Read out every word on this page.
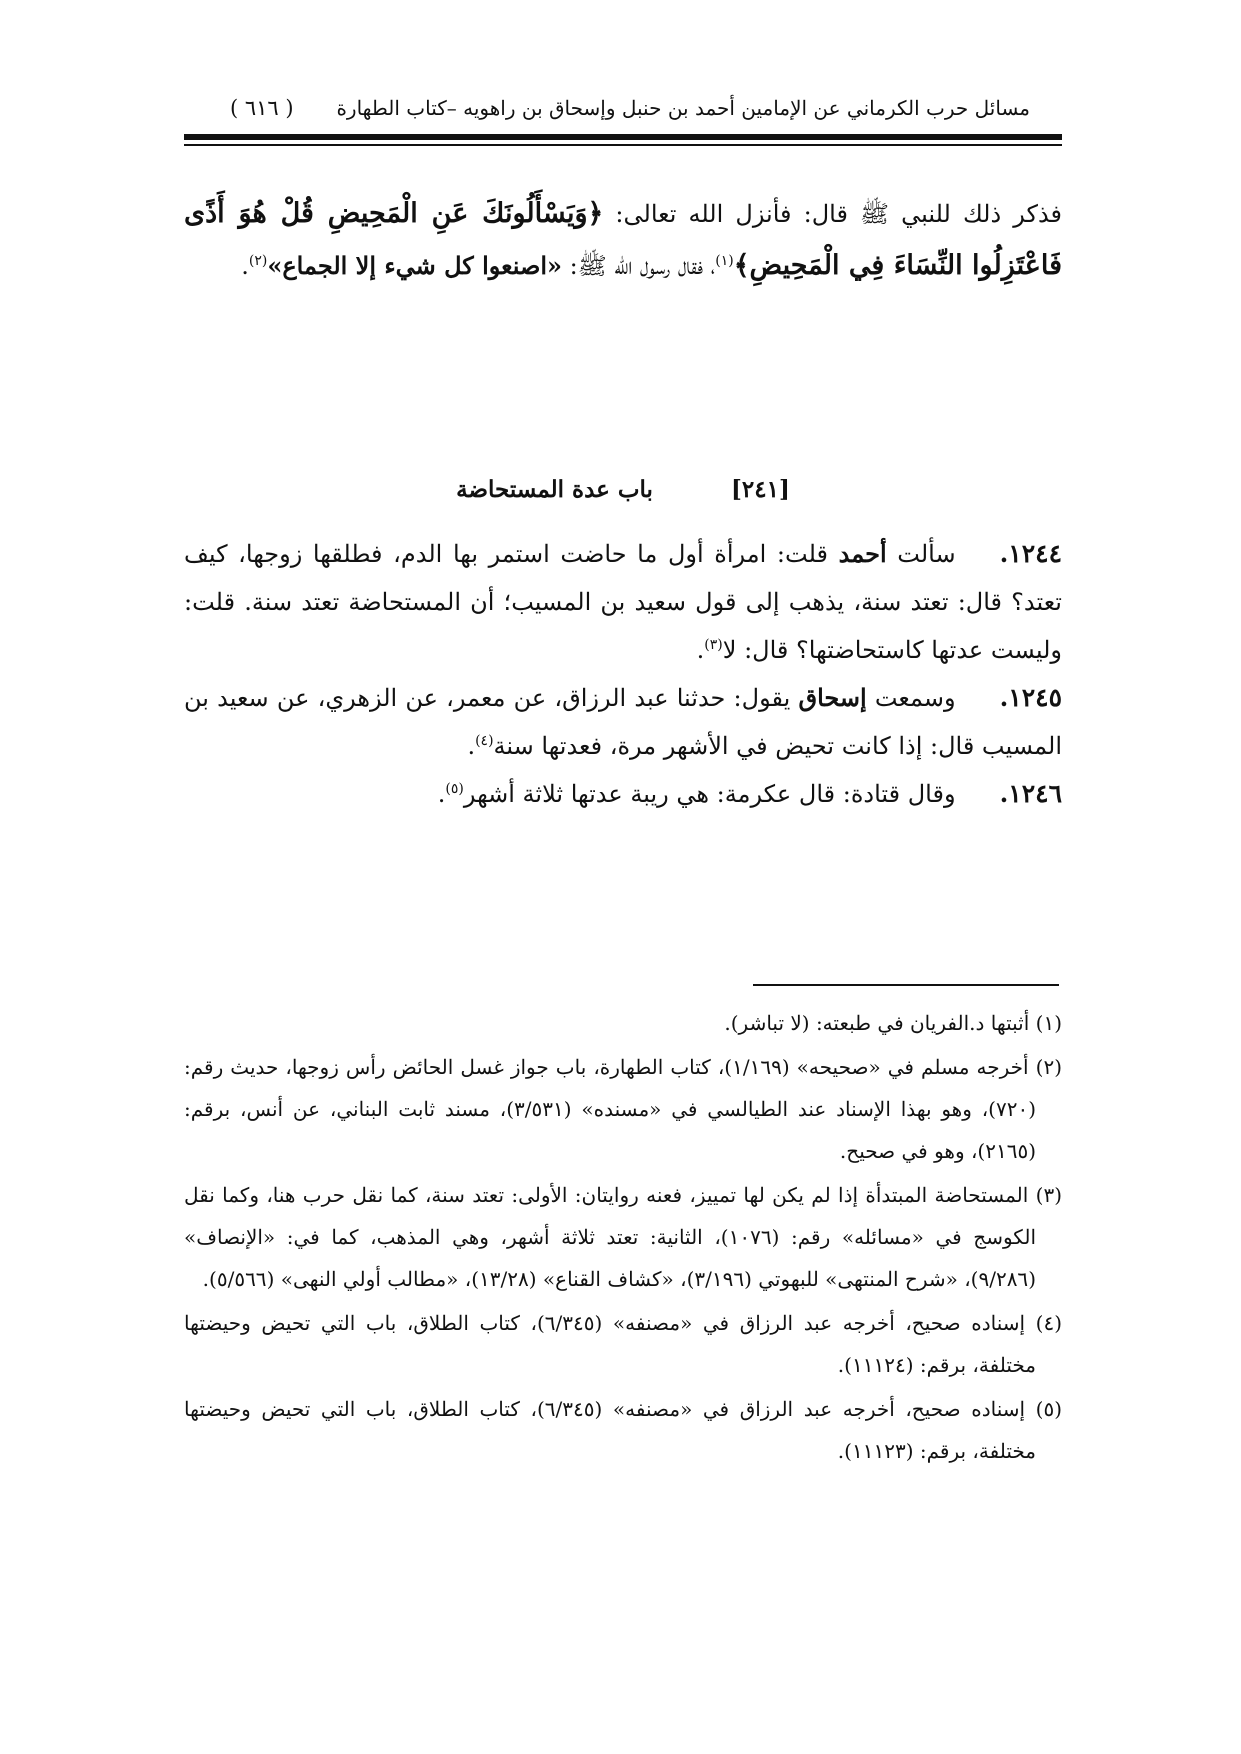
مسائل حرب الكرماني عن الإمامين أحمد بن حنبل وإسحاق بن راهويه –كتاب الطهارة
( ٦١٦ )

فذكر ذلك للنبي ﷺ قال: فأنزل الله تعالى: ﴿وَيَسْأَلُونَكَ عَنِ الْمَحِيضِ قُلْ هُوَ أَذًى فَاعْتَزِلُوا النِّسَاءَ فِي الْمَحِيضِ﴾$^{(١)}$، فقال رسول الله ﷺ: «اصنعوا كل شيء إلا الجماع»$^{(٢)}$.

[٢٤١] باب عدة المستحاضة

١٢٤٤.سألت أحمد قلت: امرأة أول ما حاضت استمر بها الدم، فطلقها زوجها، كيف تعتد؟ قال: تعتد سنة، يذهب إلى قول سعيد بن المسيب؛ أن المستحاضة تعتد سنة. قلت: وليست عدتها كاستحاضتها؟ قال: لا$^{(٣)}$.

١٢٤٥.وسمعت إسحاق يقول: حدثنا عبد الرزاق، عن معمر، عن الزهري، عن سعيد بن المسيب قال: إذا كانت تحيض في الأشهر مرة، فعدتها سنة$^{(٤)}$.

١٢٤٦.وقال قتادة: قال عكرمة: هي ريبة عدتها ثلاثة أشهر$^{(٥)}$.

(١) أثبتها د.الفريان في طبعته: (لا تباشر).

(٢) أخرجه مسلم في «صحيحه» (١/١٦٩)، كتاب الطهارة، باب جواز غسل الحائض رأس زوجها، حديث رقم: (٧٢٠)، وهو بهذا الإسناد عند الطيالسي في «مسنده» (٣/٥٣١)، مسند ثابت البناني، عن أنس، برقم: (٢١٦٥)، وهو في صحيح.

(٣) المستحاضة المبتدأة إذا لم يكن لها تمييز، فعنه روايتان: الأولى: تعتد سنة، كما نقل حرب هنا، وكما نقل الكوسج في «مسائله» رقم: (١٠٧٦)، الثانية: تعتد ثلاثة أشهر، وهي المذهب، كما في: «الإنصاف» (٩/٢٨٦)، «شرح المنتهى» للبهوتي (٣/١٩٦)، «كشاف القناع» (١٣/٢٨)، «مطالب أولي النهى» (٥/٥٦٦).

(٤) إسناده صحيح، أخرجه عبد الرزاق في «مصنفه» (٦/٣٤٥)، كتاب الطلاق، باب التي تحيض وحيضتها مختلفة، برقم: (١١١٢٤).

(٥) إسناده صحيح، أخرجه عبد الرزاق في «مصنفه» (٦/٣٤٥)، كتاب الطلاق، باب التي تحيض وحيضتها مختلفة، برقم: (١١١٢٣).
